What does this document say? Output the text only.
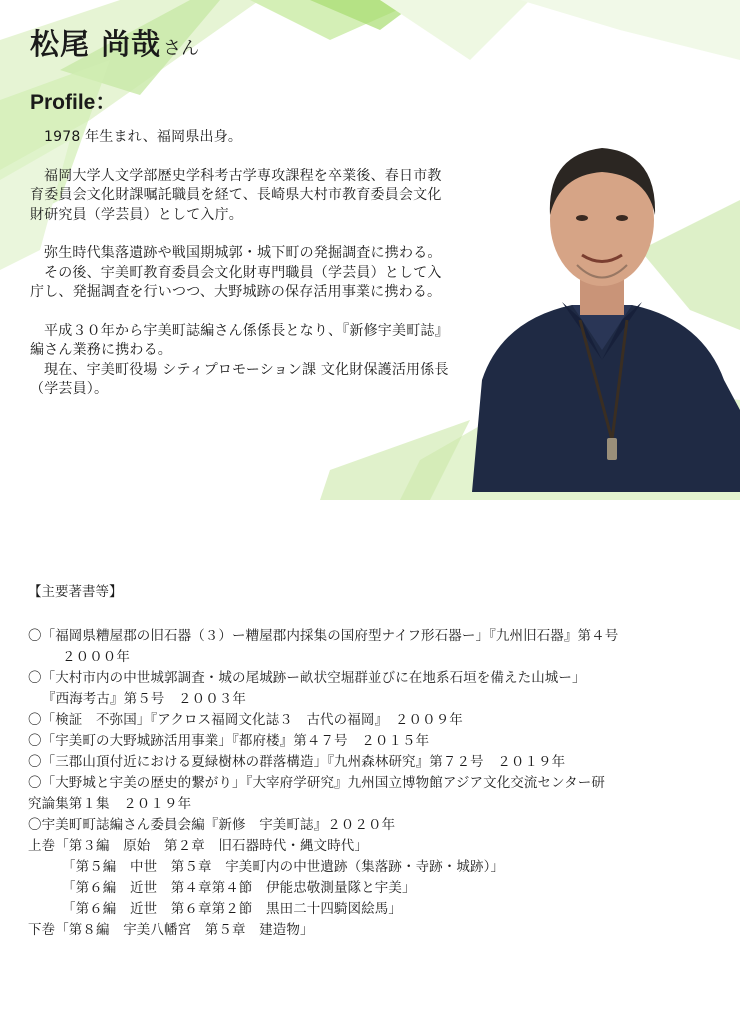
松尾 尚哉 さん
Profile：

1978 年生まれ、福岡県出身。

福岡大学人文学部歴史学科考古学専攻課程を卒業後、春日市教育委員会文化財課嘱託職員を経て、長崎県大村市教育委員会文化財研究員（学芸員）として入庁。

弥生時代集落遺跡や戦国期城郭・城下町の発掘調査に携わる。

その後、宇美町教育委員会文化財専門職員（学芸員）として入庁し、発掘調査を行いつつ、大野城跡の保存活用事業に携わる。

平成３０年から宇美町誌編さん係係長となり、『新修宇美町誌』編さん業務に携わる。

現在、宇美町役場 シティプロモーション課 文化財保護活用係長（学芸員）。

【主要著書等】
〇「福岡県糟屋郡の旧石器（３）ー糟屋郡内採集の国府型ナイフ形石器ー」『九州旧石器』第４号
２０００年
〇「大村市内の中世城郭調査・城の尾城跡ー畝状空堀群並びに在地系石垣を備えた山城ー」
『西海考古』第５号　２００３年
〇「検証　不弥国」『アクロス福岡文化誌３　古代の福岡』　２００９年
〇「宇美町の大野城跡活用事業」『都府楼』第４７号　２０１５年
〇「三郡山頂付近における夏緑樹林の群落構造」『九州森林研究』第７２号　２０１９年
〇「大野城と宇美の歴史的繋がり」『大宰府学研究』九州国立博物館アジア文化交流センター研
究論集第１集　２０１９年
〇宇美町町誌編さん委員会編『新修　宇美町誌』２０２０年
上巻「第３編　原始　第２章　旧石器時代・縄文時代」
「第５編　中世　第５章　宇美町内の中世遺跡（集落跡・寺跡・城跡）」
「第６編　近世　第４章第４節　伊能忠敬測量隊と宇美」
「第６編　近世　第６章第２節　黒田二十四騎図絵馬」
下巻「第８編　宇美八幡宮　第５章　建造物」
